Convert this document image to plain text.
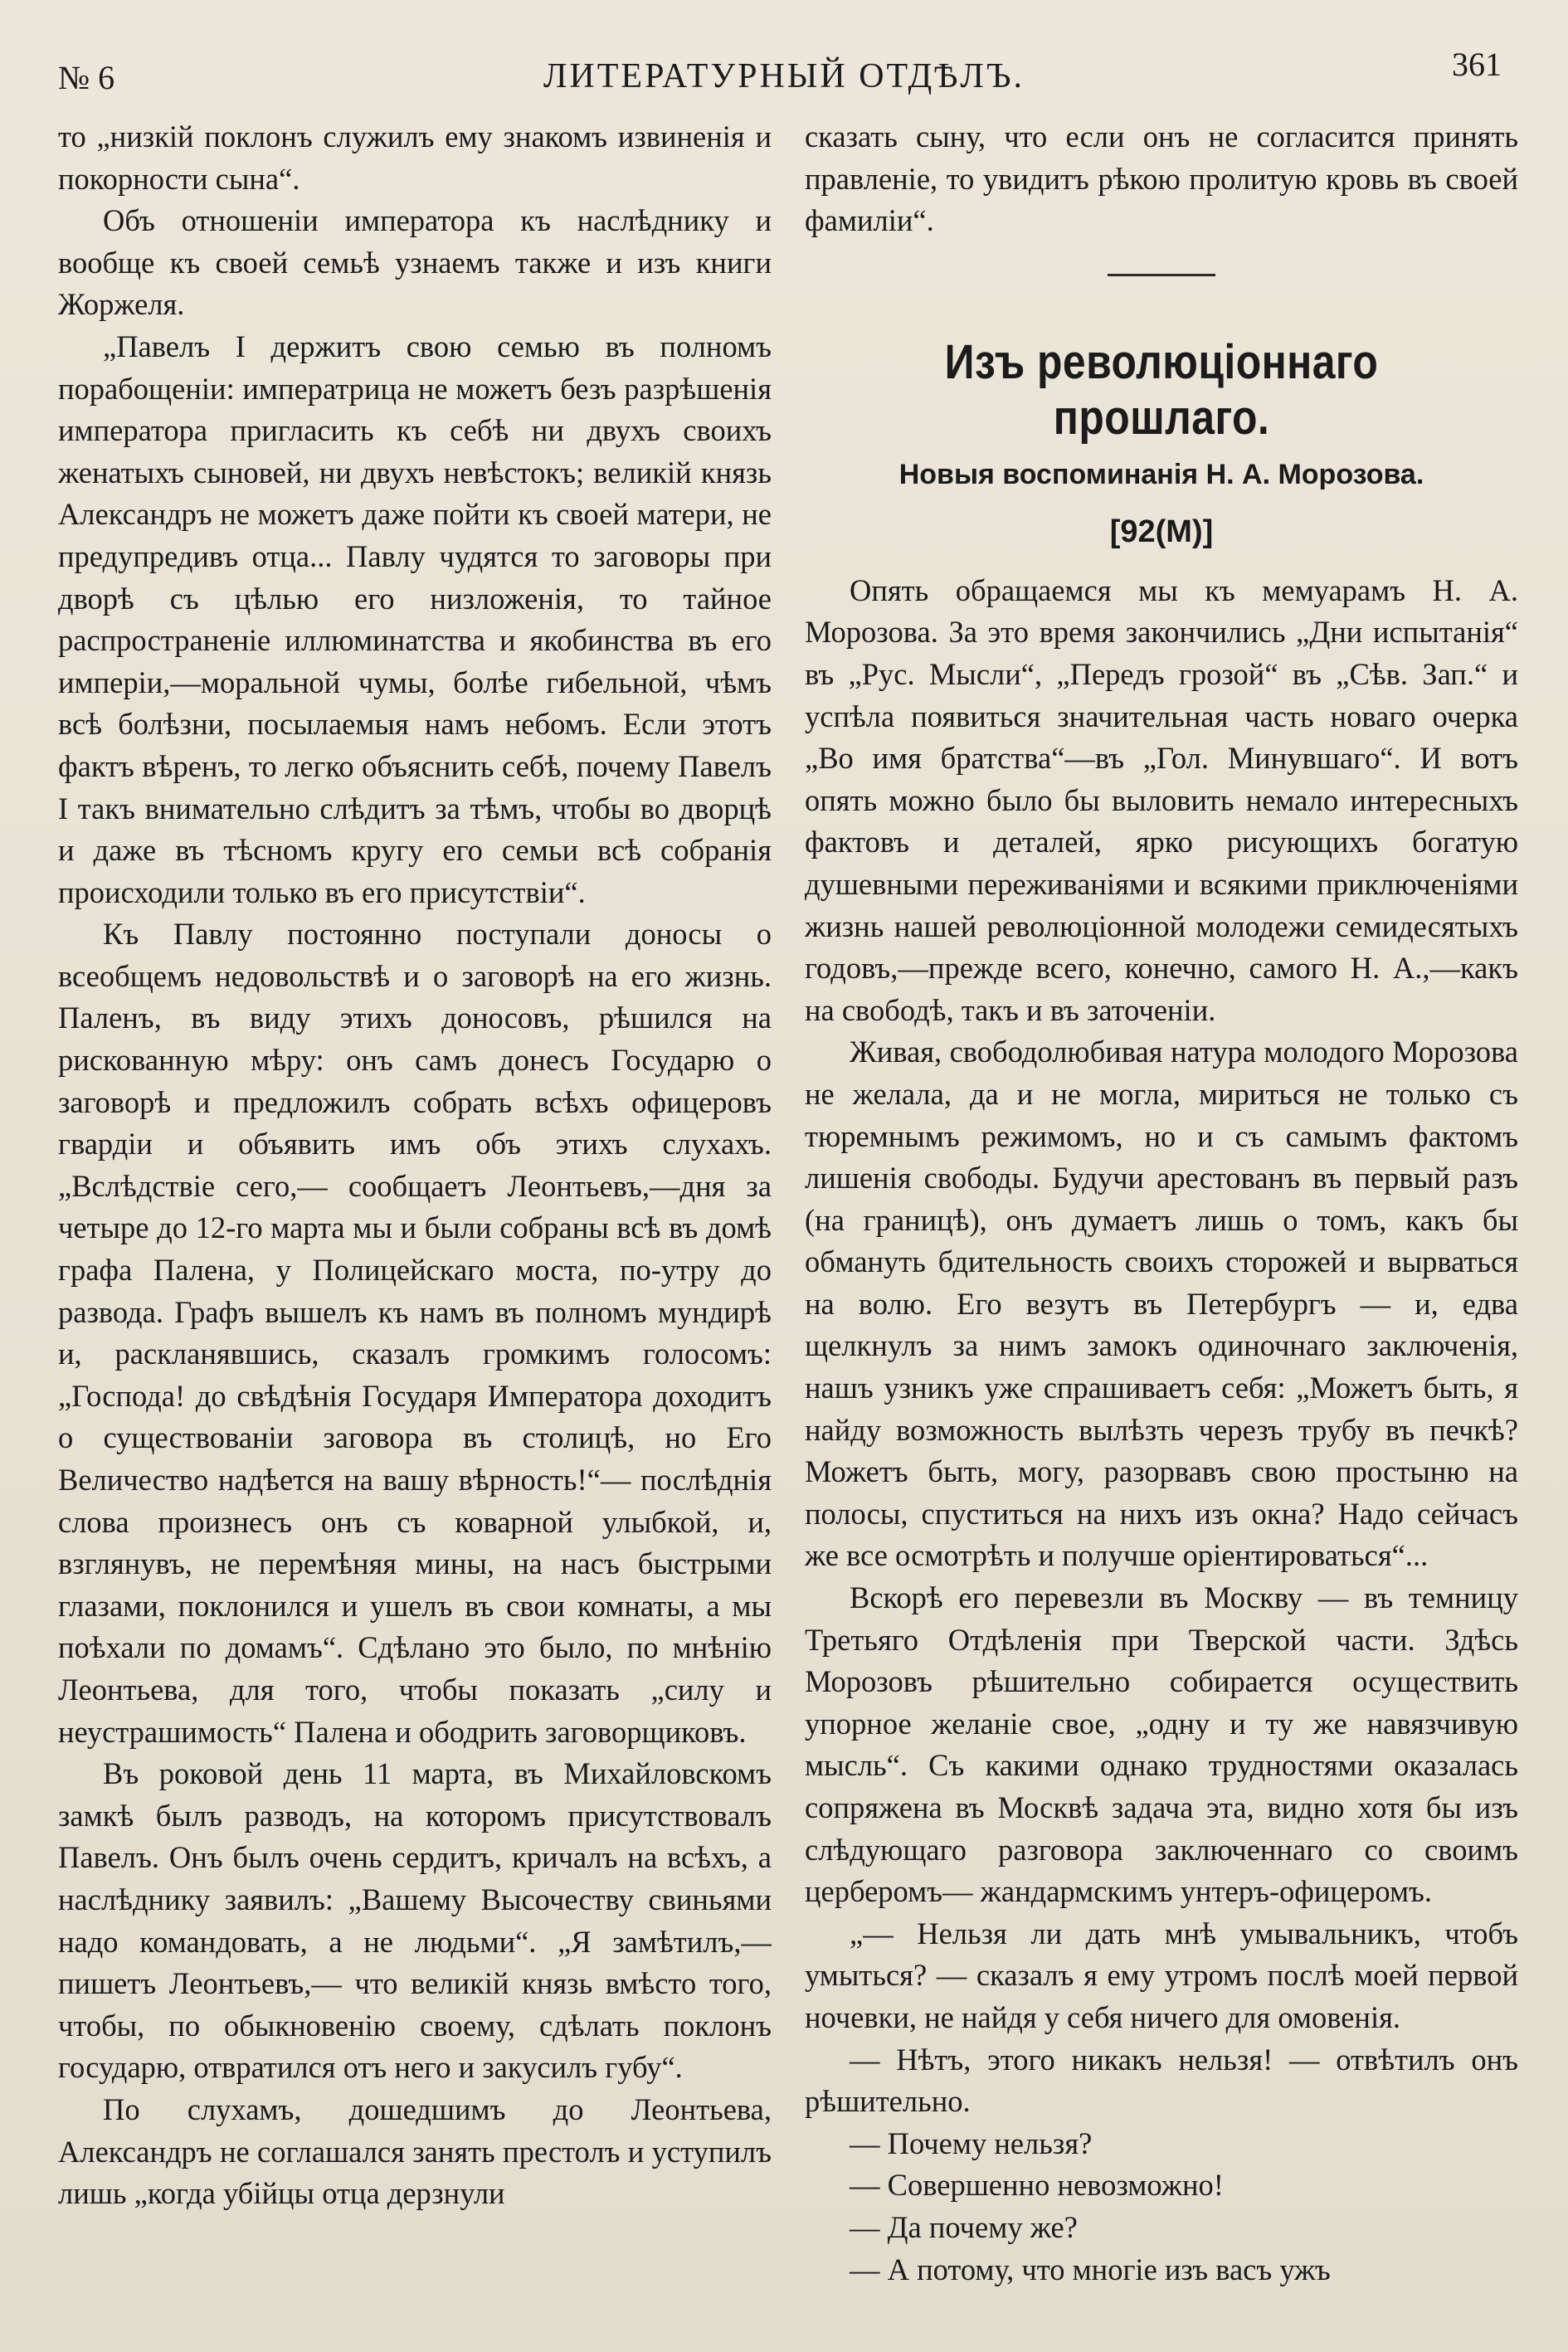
№ 6	ЛИТЕРАТУРНЫЙ ОТДѢЛЪ.	361

то „низкій поклонъ служилъ ему знакомъ извиненія и покорности сына“.

Объ отношеніи императора къ наслѣднику и вообще къ своей семьѣ узнаемъ также и изъ книги Жоржеля.

„Павелъ I держитъ свою семью въ полномъ порабощеніи: императрица не можетъ безъ разрѣшенія императора пригласить къ себѣ ни двухъ своихъ женатыхъ сыновей, ни двухъ невѣстокъ; великій князь Александръ не можетъ даже пойти къ своей матери, не предупредивъ отца... Павлу чудятся то заговоры при дворѣ съ цѣлью его низложенія, то тайное распространеніе иллюминатства и якобинства въ его имперіи,—моральной чумы, болѣе гибельной, чѣмъ всѣ болѣзни, посылаемыя намъ небомъ. Если этотъ фактъ вѣренъ, то легко объяснить себѣ, почему Павелъ I такъ внимательно слѣдитъ за тѣмъ, чтобы во дворцѣ и даже въ тѣсномъ кругу его семьи всѣ собранія происходили только въ его присутствіи“.

Къ Павлу постоянно поступали доносы о всеобщемъ недовольствѣ и о заговорѣ на его жизнь. Паленъ, въ виду этихъ доносовъ, рѣшился на рискованную мѣру: онъ самъ донесъ Государю о заговорѣ и предложилъ собрать всѣхъ офицеровъ гвардіи и объявить имъ объ этихъ слухахъ. „Вслѣдствіе сего,— сообщаетъ Леонтьевъ,—дня за четыре до 12-го марта мы и были собраны всѣ въ домѣ графа Палена, у Полицейскаго моста, по-утру до развода. Графъ вышелъ къ намъ въ полномъ мундирѣ и, раскланявшись, сказалъ громкимъ голосомъ: „Господа! до свѣдѣнія Государя Императора доходитъ о существованіи заговора въ столицѣ, но Его Величество надѣется на вашу вѣрность!“— послѣднія слова произнесъ онъ съ коварной улыбкой, и, взглянувъ, не перемѣняя мины, на насъ быстрыми глазами, поклонился и ушелъ въ свои комнаты, а мы поѣхали по домамъ“. Сдѣлано это было, по мнѣнію Леонтьева, для того, чтобы показать „силу и неустрашимость“ Палена и ободрить заговорщиковъ.

Въ роковой день 11 марта, въ Михайловскомъ замкѣ былъ разводъ, на которомъ присутствовалъ Павелъ. Онъ былъ очень сердитъ, кричалъ на всѣхъ, а наслѣднику заявилъ: „Вашему Высочеству свиньями надо командовать, а не людьми“. „Я замѣтилъ,— пишетъ Леонтьевъ,— что великій князь вмѣсто того, чтобы, по обыкновенію своему, сдѣлать поклонъ государю, отвратился отъ него и закусилъ губу“.

По слухамъ, дошедшимъ до Леонтьева, Александръ не соглашался занять престолъ и уступилъ лишь „когда убійцы отца дерзнули

сказать сыну, что если онъ не согласится принять правленіе, то увидитъ рѣкою пролитую кровь въ своей фамиліи“.

Изъ революціоннаго прошлаго.
Новыя воспоминанія Н. А. Морозова.
[92(М)]

Опять обращаемся мы къ мемуарамъ Н. А. Морозова. За это время закончились „Дни испытанія“ въ „Рус. Мысли“, „Передъ грозой“ въ „Сѣв. Зап.“ и успѣла появиться значительная часть новаго очерка „Во имя братства“—въ „Гол. Минувшаго“. И вотъ опять можно было бы выловить немало интересныхъ фактовъ и деталей, ярко рисующихъ богатую душевными переживаніями и всякими приключеніями жизнь нашей революціонной молодежи семидесятыхъ годовъ,—прежде всего, конечно, самого Н. А.,—какъ на свободѣ, такъ и въ заточеніи.

Живая, свободолюбивая натура молодого Морозова не желала, да и не могла, мириться не только съ тюремнымъ режимомъ, но и съ самымъ фактомъ лишенія свободы. Будучи арестованъ въ первый разъ (на границѣ), онъ думаетъ лишь о томъ, какъ бы обмануть бдительность своихъ сторожей и вырваться на волю. Его везутъ въ Петербургъ — и, едва щелкнулъ за нимъ замокъ одиночнаго заключенія, нашъ узникъ уже спрашиваетъ себя: „Можетъ быть, я найду возможность вылѣзть черезъ трубу въ печкѣ? Можетъ быть, могу, разорвавъ свою простыню на полосы, спуститься на нихъ изъ окна? Надо сейчасъ же все осмотрѣть и получше оріентироваться“...

Вскорѣ его перевезли въ Москву — въ темницу Третьяго Отдѣленія при Тверской части. Здѣсь Морозовъ рѣшительно собирается осуществить упорное желаніе свое, „одну и ту же навязчивую мысль“. Съ какими однако трудностями оказалась сопряжена въ Москвѣ задача эта, видно хотя бы изъ слѣдующаго разговора заключеннаго со своимъ церберомъ— жандармскимъ унтеръ-офицеромъ.

„— Нельзя ли дать мнѣ умывальникъ, чтобъ умыться? — сказалъ я ему утромъ послѣ моей первой ночевки, не найдя у себя ничего для омовенія.

— Нѣтъ, этого никакъ нельзя! — отвѣтилъ онъ рѣшительно.

— Почему нельзя?

— Совершенно невозможно!

— Да почему же?

— А потому, что многіе изъ васъ ужъ
